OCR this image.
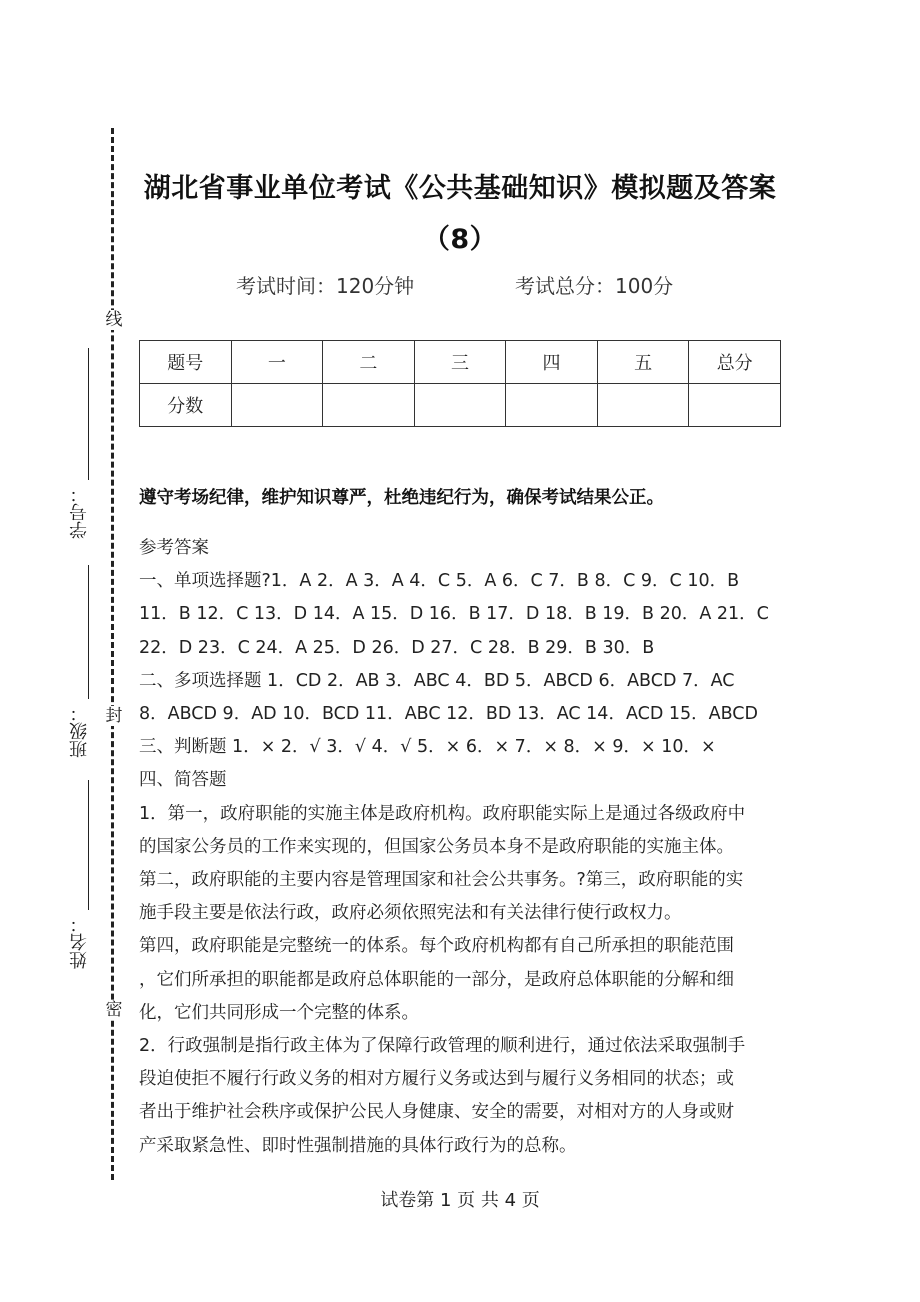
线
封
密
学号：
班级：
姓名：
湖北省事业单位考试《公共基础知识》模拟题及答案
（8）
考试时间：120分钟	考试总分：100分
题号	一	二	三	四	五	总分
分数						
遵守考场纪律，维护知识尊严，杜绝违纪行为，确保考试结果公正。

参考答案

一、单项选择题?1．A 2．A 3．A 4．C 5．A 6．C 7．B 8．C 9．C 10．B

11．B 12．C 13．D 14．A 15．D 16．B 17．D 18．B 19．B 20．A 21．C

22．D 23．C 24．A 25．D 26．D 27．C 28．B 29．B 30．B

二、多项选择题 1．CD 2．AB 3．ABC 4．BD 5．ABCD 6．ABCD 7．AC

8．ABCD 9．AD 10．BCD 11．ABC 12．BD 13．AC 14．ACD 15．ABCD

三、判断题 1．× 2．√ 3．√ 4．√ 5．× 6．× 7．× 8．× 9．× 10．×

四、简答题

1．第一，政府职能的实施主体是政府机构。政府职能实际上是通过各级政府中

的国家公务员的工作来实现的，但国家公务员本身不是政府职能的实施主体。

第二，政府职能的主要内容是管理国家和社会公共事务。?第三，政府职能的实

施手段主要是依法行政，政府必须依照宪法和有关法律行使行政权力。

第四，政府职能是完整统一的体系。每个政府机构都有自己所承担的职能范围

，它们所承担的职能都是政府总体职能的一部分，是政府总体职能的分解和细

化，它们共同形成一个完整的体系。

2．行政强制是指行政主体为了保障行政管理的顺利进行，通过依法采取强制手

段迫使拒不履行行政义务的相对方履行义务或达到与履行义务相同的状态；或

者出于维护社会秩序或保护公民人身健康、安全的需要，对相对方的人身或财

产采取紧急性、即时性强制措施的具体行政行为的总称。

试卷第 1 页 共 4 页
